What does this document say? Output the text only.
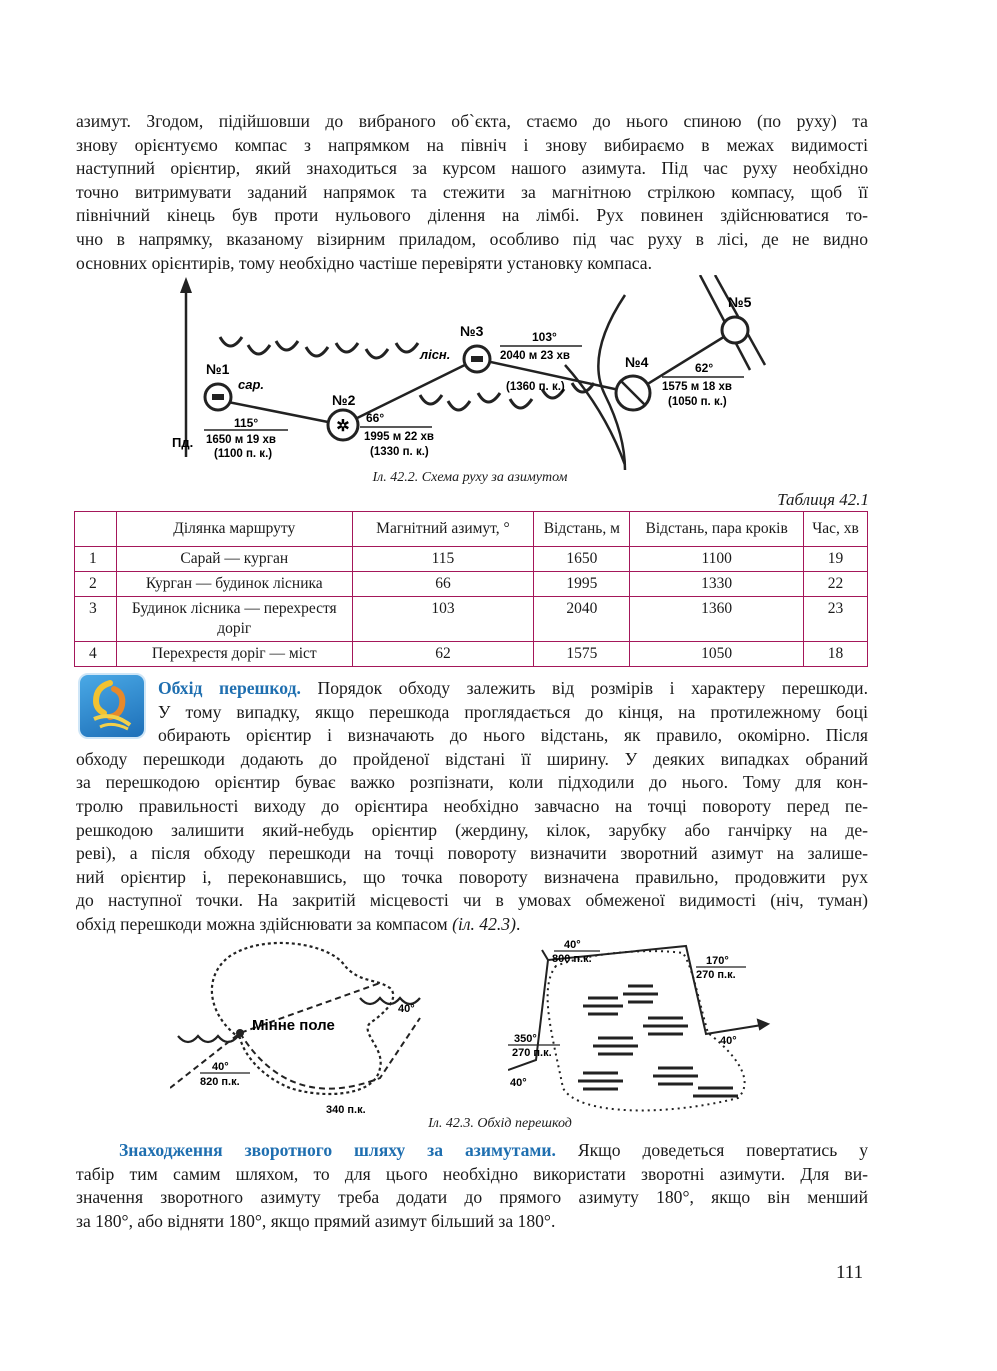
азимут. Згодом, підійшовши до вибраного об`єкта, стаємо до нього спиною (по руху) та
знову орієнтуємо компас з напрямком на північ і знову вибираємо в межах видимості
наступний орієнтир, який знаходиться за курсом нашого азимута. Під час руху необхідно
точно витримувати заданий напрямок та стежити за магнітною стрілкою компасу, щоб її
північний кінець був проти нульового ділення на лімбі. Рух повинен здійснюватися то-
чно в напрямку, вказаному візирним приладом, особливо під час руху в лісі, де не видно
основних орієнтирів, тому необхідно частіше перевіряти установку компаса.

✲
Пд.
№1
№2
№3
№4
№5
сар.
лісн.
115°
1650 м 19 хв
(1100 п. к.)
66°
1995 м 22 хв
(1330 п. к.)
103°
2040 м 23 хв
(1360 п. к.)
62°
1575 м 18 хв
(1050 п. к.)
Іл. 42.2. Схема руху за азимутом
Таблиця 42.1
	Ділянка маршруту	Магнітний азимут, °	Відстань, м	Відстань, пара кроків	Час, хв
1	Сарай — курган	115	1650	1100	19
2	Курган — будинок лісника	66	1995	1330	22
3	Будинок лісника — перехрестя доріг	103	2040	1360	23
4	Перехрестя доріг — міст	62	1575	1050	18

Обхід перешкод. Порядок обходу залежить від розмірів і характеру перешкоди.
У тому випадку, якщо перешкода проглядається до кінця, на протилежному боці
обирають орієнтир і визначають до нього відстань, як правило, окомірно. Після
обходу перешкоди додають до пройденої відстані її ширину. У деяких випадках обраний
за перешкодою орієнтир буває важко розпізнати, коли підходили до нього. Тому для кон-
тролю правильності виходу до орієнтира необхідно завчасно на точці повороту перед пе-
решкодою залишити який-небудь орієнтир (жердину, кілок, зарубку або ганчірку на де-
реві), а після обходу перешкоди на точці повороту визначити зворотний азимут на залише-
ний орієнтир і, переконавшись, що точка повороту визначена правильно, продовжити рух
до наступної точки. На закритій місцевості чи в умовах обмеженої видимості (ніч, туман)
обхід перешкоди можна здійснювати за компасом (іл. 42.3).

Мінне поле
40°
40°
820 п.к.
340 п.к.
40°
800 п.к.	170°
270 п.к.
350°
270 п.к.
40°
40°
Іл. 42.3. Обхід перешкод

Знаходження зворотного шляху за азимутами. Якщо доведеться повертатись у
табір тим самим шляхом, то для цього необхідно використати зворотні азимути. Для ви-
значення зворотного азимуту треба додати до прямого азимуту 180°, якщо він менший
за 180°, або відняти 180°, якщо прямий азимут більший за 180°.

111
